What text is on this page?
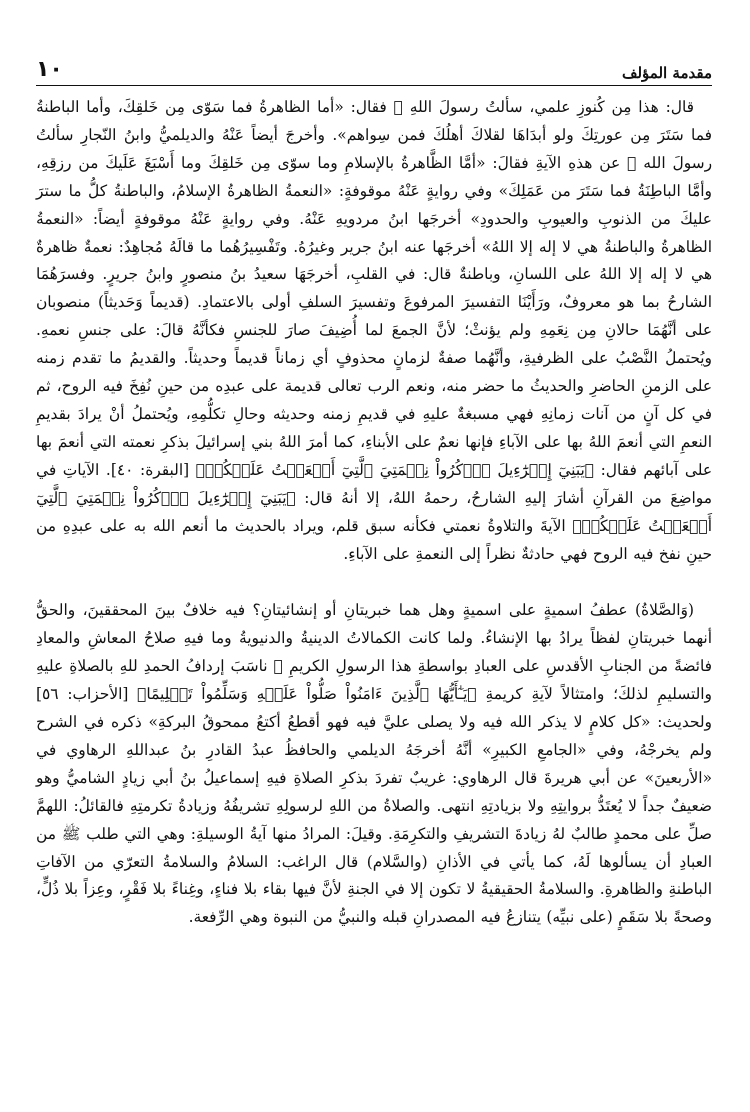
مقدمة المؤلف
١٠

قال: هذا مِن كُنوزِ علمي، سألتُ رسولَ اللهِ ﷺ فقال: «أما الظاهرةُ فما سَوّى مِن خَلقِكَ، وأما الباطنةُ فما سَتَرَ مِن عورتِكَ ولو أبدَاهَا لقلاكَ أهلُكَ فمن سِواهم». وأخرجَ أيضاً عَنْهُ والديلميُّ وابنُ النّجارِ سألتُ رسولَ الله ﷺ عن هذهِ الآيةِ فقالَ: «أمَّا الظَّاهرةُ بالإسلامِ وما سوّى مِن خَلقِكَ وما أَسْبَغَ عَلَيكَ من رزقِهِ، وأمَّا الباطِنَةُ فما سَتَرَ من عَمَلِكَ» وفي روايةٍ عَنْهُ موقوفةٍ: «النعمةُ الظاهرةُ الإسلامُ، والباطنةُ كلُّ ما سترَ عليكَ من الذنوبِ والعيوبِ والحدودِ» أخرجَها ابنُ مردويهِ عَنْهُ. وفي روايةٍ عَنْهُ موقوفةٍ أيضاً: «النعمةُ الظاهرةُ والباطنةُ هي لا إله إلا اللهُ» أخرجَها عنه ابنُ جرير وغيرُهُ. وتَفْسِيرُهُما ما قالَهُ مُجاهِدٌ: نعمةٌ ظاهرةٌ هي لا إله إلا اللهُ على اللسانِ، وباطنةٌ قال: في القلبِ، أخرجَهَا سعيدُ بنُ منصورٍ وابنُ جريرٍ. وفسرَهُمَا الشارحُ بما هو معروفٌ، ورَأَيْنَا التفسيرَ المرفوعَ وتفسيرَ السلفِ أولى بالاعتمادِ. (قديماً وَحَديثاً) منصوبان على أنَّهُمَا حالانِ مِن نِعَمِهِ ولم يؤنثْ؛ لأنَّ الجمعَ لما أُضِيفَ صارَ للجنسِ فكأنَّهُ قالَ: على جنسِ نعمهِ. ويُحتملُ النَّصْبُ على الظرفيةِ، وأنَّهُما صفةٌ لزمانٍ محذوفٍ أي زماناً قديماً وحديثاً. والقديمُ ما تقدم زمنه على الزمنِ الحاضرِ والحديثُ ما حضر منه، ونعم الرب تعالى قديمة على عبدِه من حينِ نُفِخَ فيه الروح، ثم في كل آنٍ من آنات زمانِهِ فهي مسبغةٌ عليهِ في قديمِ زمنه وحديثه وحالِ تكلُّمِهِ، ويُحتملُ أنْ يرادَ بقديمِ النعمِ التي أنعمَ اللهُ بها على الآباءِ فإنها نعمٌ على الأبناءِ، كما أمرَ اللهُ بني إسرائيلَ بذكرِ نعمته التي أنعمَ بها على آبائهم فقال: ﴿يَبَنِيٓ إِسۡرَٰٓءِيلَ ٱذۡكُرُواْ نِعۡمَتِيَ ٱلَّتِيٓ أَنۡعَمۡتُ عَلَيۡكُمۡ﴾ [البقرة: ٤٠]. الآياتِ في مواضِعَ من القرآنِ أشارَ إليهِ الشارحُ، رحمهُ اللهُ، إلا أنهُ قال: ﴿يَبَنِيٓ إِسۡرَٰٓءِيلَ ٱذۡكُرُواْ نِعۡمَتِيَ ٱلَّتِيٓ أَنۡعَمۡتُ عَلَيۡكُمۡ﴾ الآيةَ والتلاوةُ نعمتي فكأنه سبق قلم، ويراد بالحديث ما أنعم الله به على عبدِهِ من حينِ نفخ فيه الروح فهي حادثةٌ نظراً إلى النعمةِ على الآباءِ.

(وَالصَّلاةُ) عطفُ اسميةٍ على اسميةٍ وهل هما خبريتانِ أو إنشائيتانِ؟ فيه خلافٌ بينَ المحققينَ، والحقُّ أنهما خبريتانِ لفظاً يرادُ بها الإنشاءُ. ولما كانت الكمالاتُ الدينيةُ والدنيويةُ وما فيهِ صلاحُ المعاشِ والمعادِ فائضةً من الجنابِ الأقدسِ على العبادِ بواسطةِ هذا الرسولِ الكريمِ ﷺ ناسَبَ إردافُ الحمدِ للهِ بالصلاةِ عليهِ والتسليمِ لذلكَ؛ وامتثالاً لآيةِ كريمةِ ﴿يَـٰٓأَيُّهَا ٱلَّذِينَ ءَامَنُواْ صَلُّواْ عَلَيۡهِ وَسَلِّمُواْ تَسۡلِيمًا﴾ [الأحزاب: ٥٦] ولحديث: «كل كلامٍ لا يذكر الله فيه ولا يصلى عليَّ فيه فهو أقطعُ أكتعُ ممحوقُ البركةِ» ذكره في الشرح ولم يخرجْهُ، وفي «الجامعِ الكبيرِ» أنَّهُ أخرجَهُ الديلمي والحافظُ عبدُ القادرِ بنُ عبداللهِ الرهاوي في «الأربعينَ» عن أبي هريرةَ قال الرهاوي: غريبٌ تفردَ بذكرِ الصلاةِ فيهِ إسماعيلُ بنُ أبي زيادٍ الشاميُّ وهو ضعيفٌ جداً لا يُعتَدُّ بروايتِهِ ولا بزيادتِهِ انتهى. والصلاةُ من اللهِ لرسولِهِ تشريفُهُ وزيادةُ تكرمتِهِ فالقائلُ: اللهمَّ صلِّ على محمدٍ طالبٌ لهُ زيادةَ التشريفِ والتكرِمَةِ. وقيلَ: المرادُ منها آيةُ الوسيلةِ: وهي التي طلب ﷺ من العبادِ أن يسألوها لَهُ، كما يأتي في الأذانِ (والسَّلام) قال الراغب: السلامُ والسلامةُ التعرّي من الآفاتِ الباطنةِ والظاهرةِ. والسلامةُ الحقيقيةُ لا تكون إلا في الجنةِ لأنَّ فيها بقاء بلا فناءٍ، وغِناءً بلا فَقْرٍ، وعِزاً بلا ذُلٍّ، وصحةً بلا سَقَمٍ (على نبيِّه) يتنازعُ فيه المصدرانِ قبله والنبيُّ من النبوة وهي الرِّفعة.
